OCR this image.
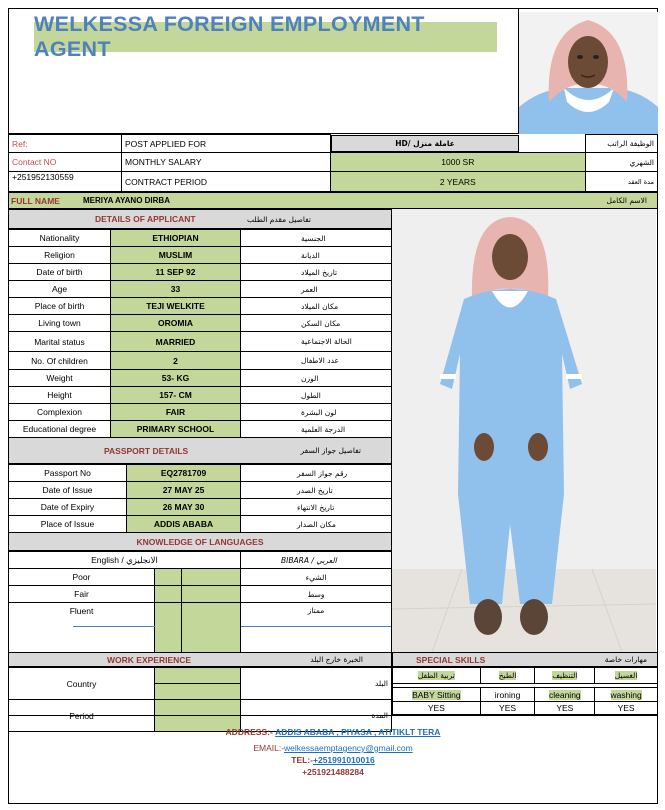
WELKESSA FOREIGN EMPLOYMENT AGENT
Ref:	POST APPLIED FOR		HD/ عاملة منزل	الوظيفة الراتب
Contact NO	MONTHLY SALARY	1000 SR	الشهري
+251952130559	CONTRACT PERIOD	2 YEARS	مدة العقد
FULL NAME	MERIYA AYANO DIRBA	الاسم الكامل
DETAILS OF APPLICANT	تفاصيل مقدم الطلب
Nationality	ETHIOPIAN	الجنسية
Religion	MUSLIM	الديانة
Date of birth	11 SEP 92	تاريخ الميلاد
Age	33	العمر
Place of birth	TEJI WELKITE	مكان الميلاد
Living town	OROMIA	مكان السكن
Marital status	MARRIED	الحالة الاجتماعية
No. Of children	2	عدد الاطفال
Weight	53- KG	الوزن
Height	157- CM	الطول
Complexion	FAIR	لون البشرة
Educational degree	PRIMARY SCHOOL	الدرجة العلمية
PASSPORT DETAILS	تفاصيل جواز السفر
Passport No	EQ2781709	رقم جواز السفر
Date of Issue	27 MAY 25	تاريخ الصدر
Date of Expiry	26 MAY 30	تاريخ الانتهاء
Place of Issue	ADDIS ABABA	مكان الصدار
KNOWLEDGE OF LANGUAGES
English / الانجليزي			BIBARA / العربي
Poor			الشيء
Fair			وسط
Fluent			ممتاز
WORK EXPERIENCE	الخبرة خارج البلد	SPECIAL SKILLS	مهارات خاصة
Country		البلد

Period		المدة

تربية الطفل	الطبخ	التنظيف	الغسيل

BABY Sitting	ironing	cleaning	washing
YES	YES	YES	YES
ADDRESS:- ADDIS ABABA , PIYASA , ATITIKLT TERA
EMAIL:-welkessaemptagency@gmail.com
TEL:-+251991010016
+251921488284
